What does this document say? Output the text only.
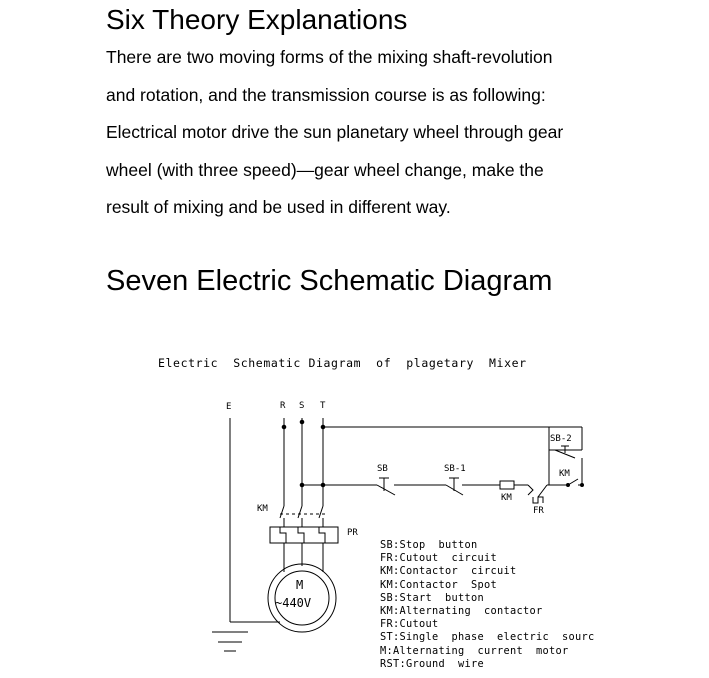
Six Theory Explanations
There are two moving forms of the mixing shaft-revolution
and rotation, and the transmission course is as following:
Electrical motor drive the sun planetary wheel through gear
wheel (with three speed)—gear wheel change, make the
result of mixing and be used in different way.
Seven Electric Schematic Diagram
Electric  Schematic Diagram  of  plagetary  Mixer
E	R S T
KM
PR
SB	SB-1
SB-2
KM
KM
FR
M
~440V
SB:Stop  button
FR:Cutout  circuit
KM:Contactor  circuit
KM:Contactor  Spot
SB:Start  button
KM:Alternating  contactor
FR:Cutout
ST:Single  phase  electric  sourc
M:Alternating  current  motor
RST:Ground  wire
